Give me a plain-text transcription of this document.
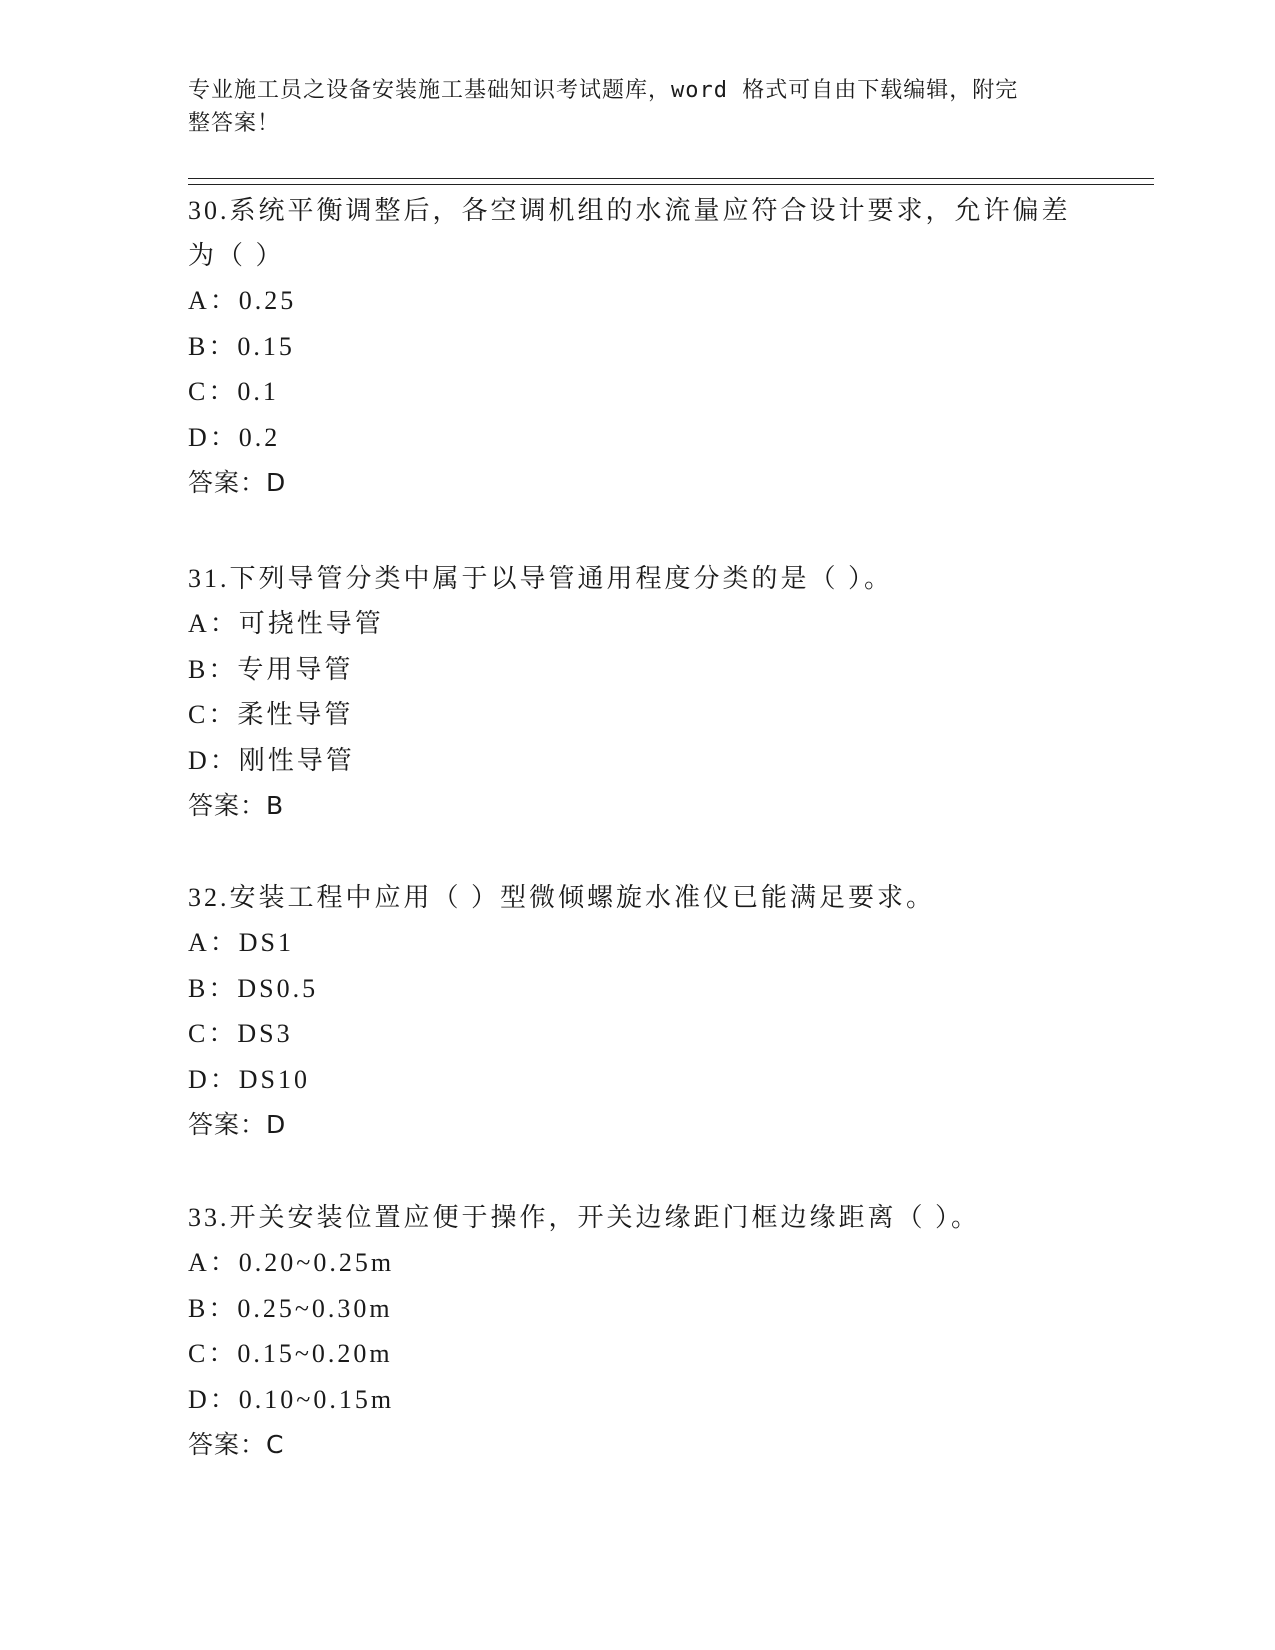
专业施工员之设备安装施工基础知识考试题库，word 格式可自由下载编辑，附完
整答案！
30.系统平衡调整后，各空调机组的水流量应符合设计要求，允许偏差
为（ ）
A：0.25
B：0.15
C：0.1
D：0.2
答案：D
31.下列导管分类中属于以导管通用程度分类的是（ ）。
A：可挠性导管
B：专用导管
C：柔性导管
D：刚性导管
答案：B
32.安装工程中应用（ ）型微倾螺旋水准仪已能满足要求。
A：DS1
B：DS0.5
C：DS3
D：DS10
答案：D
33.开关安装位置应便于操作，开关边缘距门框边缘距离（ ）。
A：0.20~0.25m
B：0.25~0.30m
C：0.15~0.20m
D：0.10~0.15m
答案：C
